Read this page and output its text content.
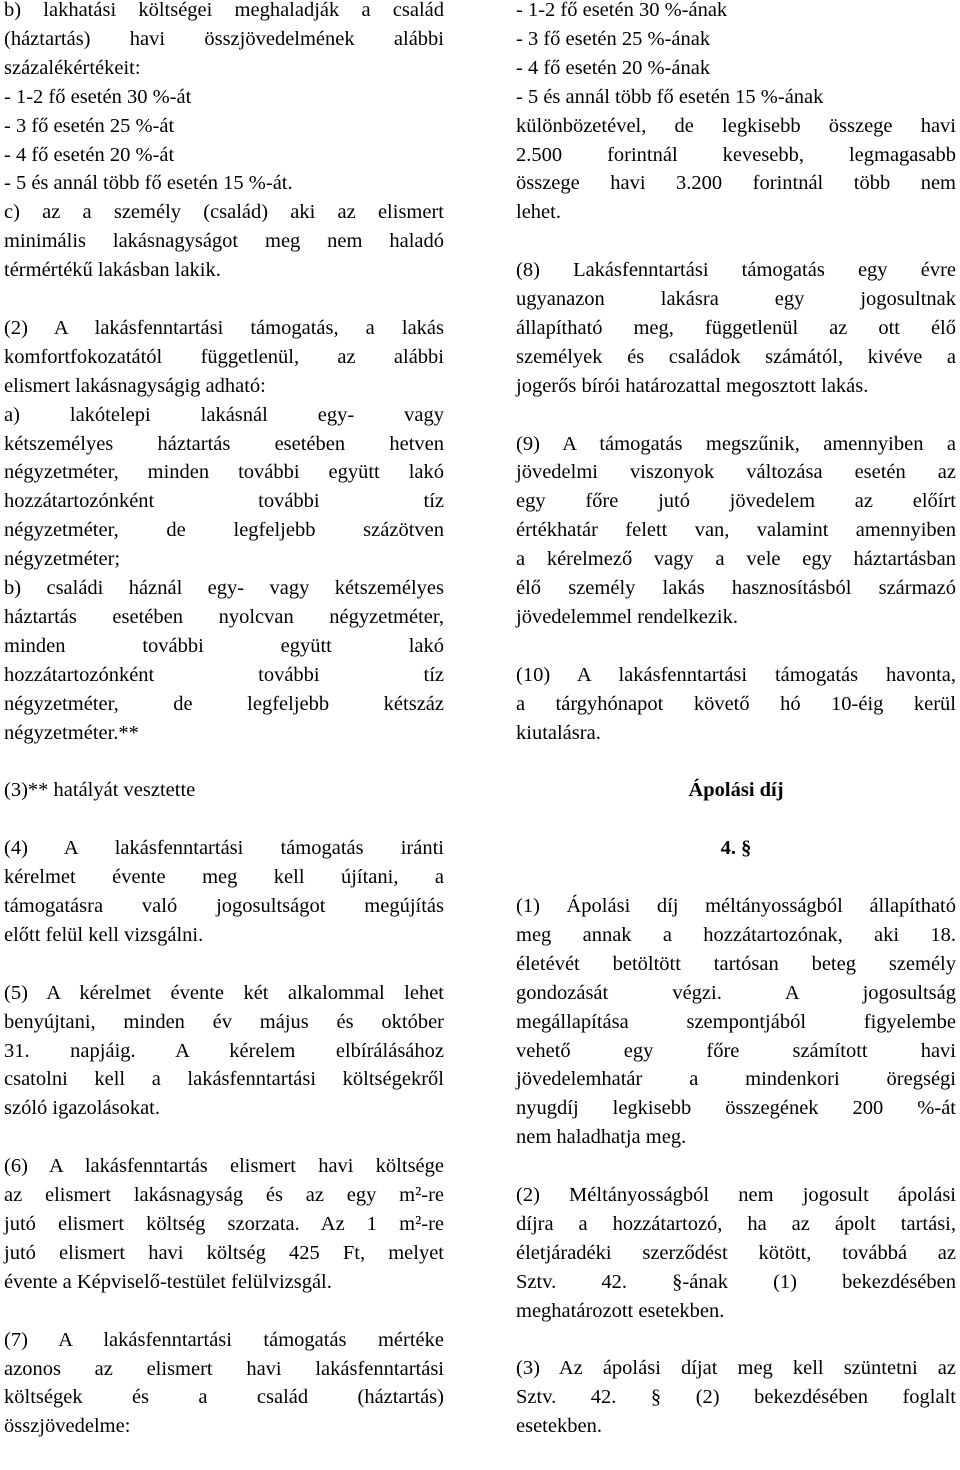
b) lakhatási költségei meghaladják a család
(háztartás) havi összjövedelmének alábbi
százalékértékeit:
- 1-2 fő esetén 30 %-át
- 3 fő esetén 25 %-át
- 4 fő esetén 20 %-át
- 5 és annál több fő esetén 15 %-át.
c) az a személy (család) aki az elismert
minimális lakásnagyságot meg nem haladó
térmértékű lakásban lakik.
(2) A lakásfenntartási támogatás, a lakás
komfortfokozatától függetlenül, az alábbi
elismert lakásnagyságig adható:
a) lakótelepi lakásnál egy- vagy
kétszemélyes háztartás esetében hetven
négyzetméter, minden további együtt lakó
hozzátartozónként további tíz
négyzetméter, de legfeljebb százötven
négyzetméter;
b) családi háznál egy- vagy kétszemélyes
háztartás esetében nyolcvan négyzetméter,
minden további együtt lakó
hozzátartozónként további tíz
négyzetméter, de legfeljebb kétszáz
négyzetméter.**
(3)** hatályát vesztette
(4) A lakásfenntartási támogatás iránti
kérelmet évente meg kell újítani, a
támogatásra való jogosultságot megújítás
előtt felül kell vizsgálni.
(5) A kérelmet évente két alkalommal lehet
benyújtani, minden év május és október
31. napjáig. A kérelem elbírálásához
csatolni kell a lakásfenntartási költségekről
szóló igazolásokat.
(6) A lakásfenntartás elismert havi költsége
az elismert lakásnagyság és az egy m²-re
jutó elismert költség szorzata. Az 1 m²-re
jutó elismert havi költség 425 Ft, melyet
évente a Képviselő-testület felülvizsgál.
(7) A lakásfenntartási támogatás mértéke
azonos az elismert havi lakásfenntartási
költségek és a család (háztartás)
összjövedelme:
- 1-2 fő esetén 30 %-ának
- 3 fő esetén 25 %-ának
- 4 fő esetén 20 %-ának
- 5 és annál több fő esetén 15 %-ának
különbözetével, de legkisebb összege havi
2.500 forintnál kevesebb, legmagasabb
összege havi 3.200 forintnál több nem
lehet.
(8) Lakásfenntartási támogatás egy évre
ugyanazon lakásra egy jogosultnak
állapítható meg, függetlenül az ott élő
személyek és családok számától, kivéve a
jogerős bírói határozattal megosztott lakás.
(9) A támogatás megszűnik, amennyiben a
jövedelmi viszonyok változása esetén az
egy főre jutó jövedelem az előírt
értékhatár felett van, valamint amennyiben
a kérelmező vagy a vele egy háztartásban
élő személy lakás hasznosításból származó
jövedelemmel rendelkezik.
(10) A lakásfenntartási támogatás havonta,
a tárgyhónapot követő hó 10-éig kerül
kiutalásra.
Ápolási díj
4. §
(1) Ápolási díj méltányosságból állapítható
meg annak a hozzátartozónak, aki 18.
életévét betöltött tartósan beteg személy
gondozását végzi. A jogosultság
megállapítása szempontjából figyelembe
vehető egy főre számított havi
jövedelemhatár a mindenkori öregségi
nyugdíj legkisebb összegének 200 %-át
nem haladhatja meg.
(2) Méltányosságból nem jogosult ápolási
díjra a hozzátartozó, ha az ápolt tartási,
életjáradéki szerződést kötött, továbbá az
Sztv. 42. §-ának (1) bekezdésében
meghatározott esetekben.
(3) Az ápolási díjat meg kell szüntetni az
Sztv. 42. § (2) bekezdésében foglalt
esetekben.
